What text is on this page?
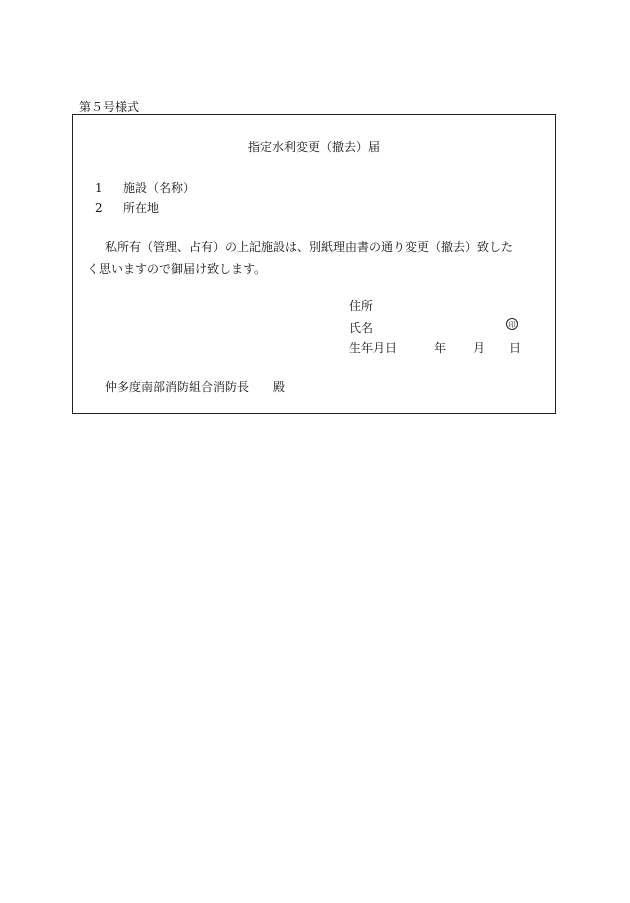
第５号様式
指定水利変更（撤去）届
1 施設（名称）
2 所在地
私所有（管理、占有）の上記施設は、別紙理由書の通り変更（撤去）致したく思いますので御届け致します。
住所
氏名	印
生年月日	年 月 日
仲多度南部消防組合消防長 殿
